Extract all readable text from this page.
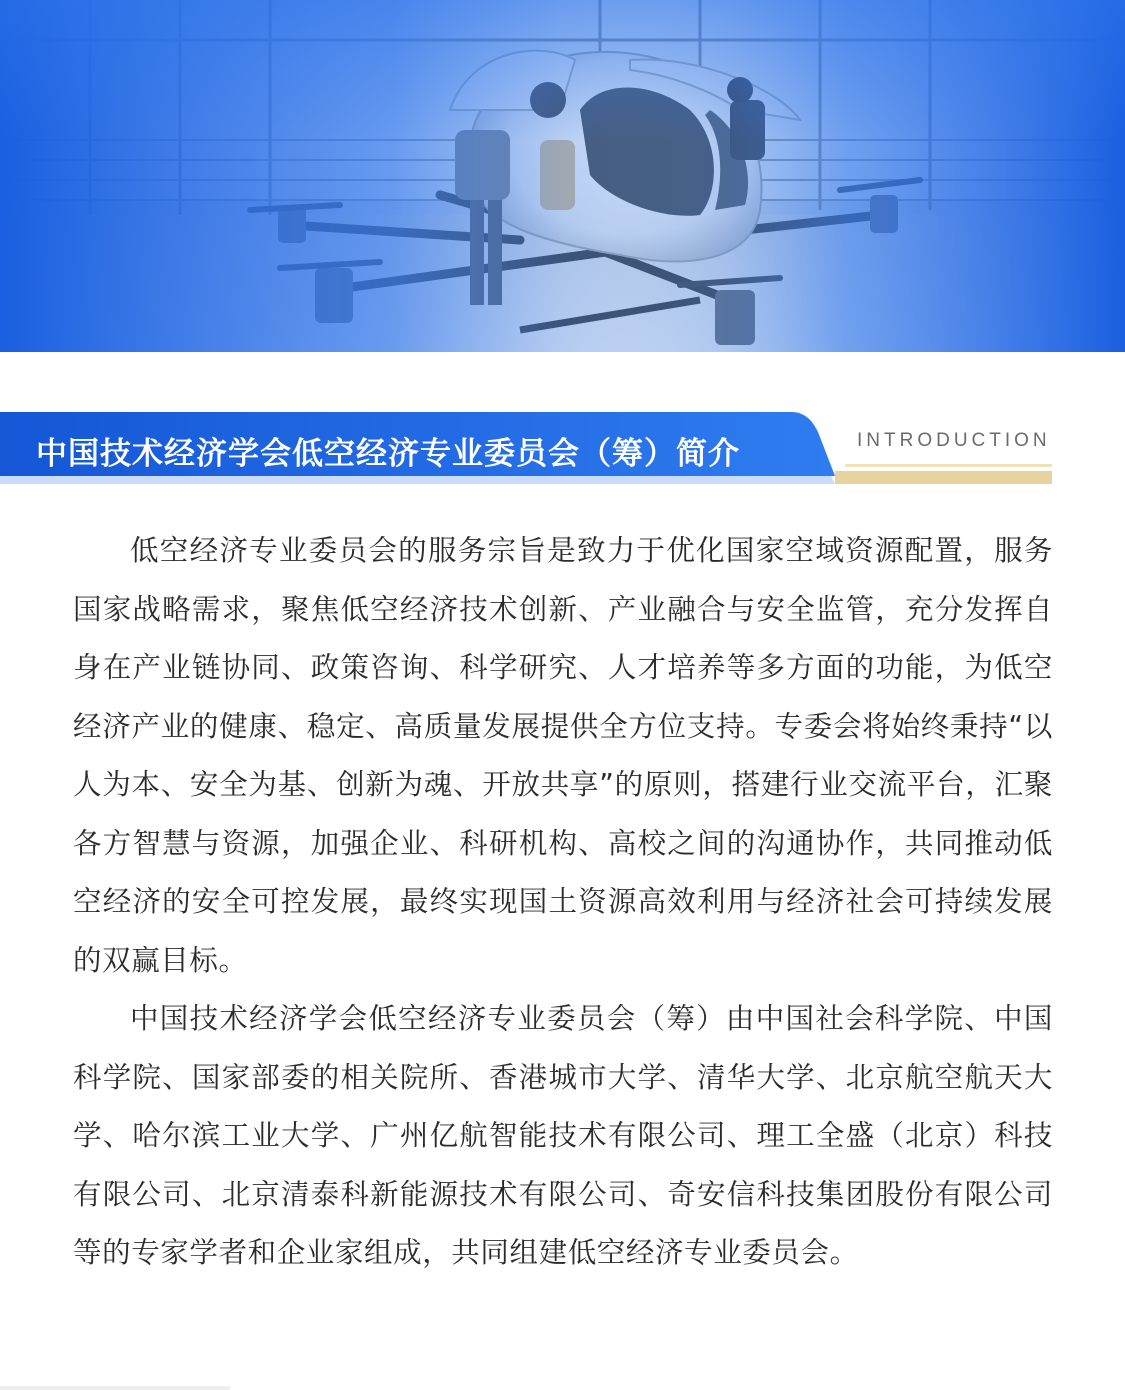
中国技术经济学会低空经济专业委员会（筹）简介	INTRODUCTION

低空经济专业委员会的服务宗旨是致力于优化国家空域资源配置，服务国家战略需求，聚焦低空经济技术创新、产业融合与安全监管，充分发挥自身在产业链协同、政策咨询、科学研究、人才培养等多方面的功能，为低空经济产业的健康、稳定、高质量发展提供全方位支持。专委会将始终秉持“以人为本、安全为基、创新为魂、开放共享”的原则，搭建行业交流平台，汇聚各方智慧与资源，加强企业、科研机构、高校之间的沟通协作，共同推动低空经济的安全可控发展，最终实现国土资源高效利用与经济社会可持续发展的双赢目标。

中国技术经济学会低空经济专业委员会（筹）由中国社会科学院、中国科学院、国家部委的相关院所、香港城市大学、清华大学、北京航空航天大学、哈尔滨工业大学、广州亿航智能技术有限公司、理工全盛（北京）科技有限公司、北京清泰科新能源技术有限公司、奇安信科技集团股份有限公司等的专家学者和企业家组成，共同组建低空经济专业委员会。
